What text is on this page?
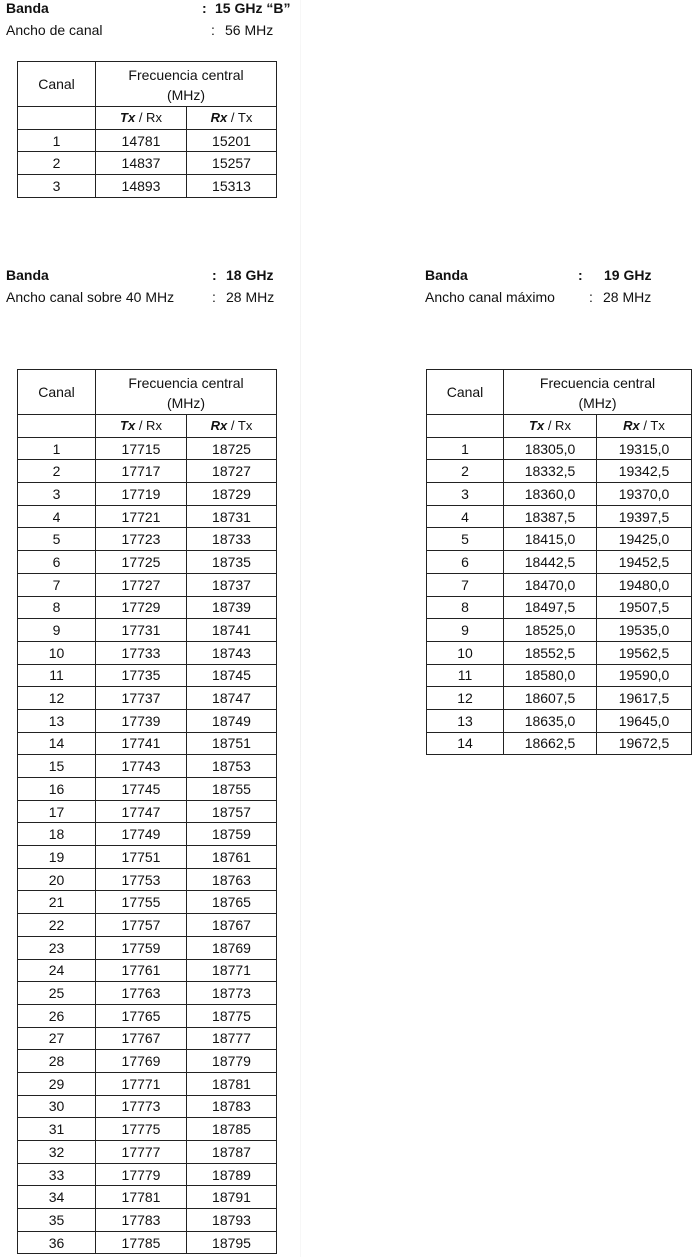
Banda	: 15 GHz “B”
Ancho de canal	: 56 MHz
Banda	: 18 GHz
Ancho canal sobre 40 MHz	: 28 MHz
Banda	: 19 GHz
Ancho canal máximo : 28 MHz
Canal	Frecuencia central	
	(MHz)	
	Tx / Rx	Rx / Tx
1	14781	15201
2	14837	15257
3	14893	15313
Canal	Frecuencia central	
	(MHz)	
	Tx / Rx	Rx / Tx
1	17715	18725
2	17717	18727
3	17719	18729
4	17721	18731
5	17723	18733
6	17725	18735
7	17727	18737
8	17729	18739
9	17731	18741
10	17733	18743
11	17735	18745
12	17737	18747
13	17739	18749
14	17741	18751
15	17743	18753
16	17745	18755
17	17747	18757
18	17749	18759
19	17751	18761
20	17753	18763
21	17755	18765
22	17757	18767
23	17759	18769
24	17761	18771
25	17763	18773
26	17765	18775
27	17767	18777
28	17769	18779
29	17771	18781
30	17773	18783
31	17775	18785
32	17777	18787
33	17779	18789
34	17781	18791
35	17783	18793
36	17785	18795
Canal	Frecuencia central	
	(MHz)	
	Tx / Rx	Rx / Tx
1	18305,0	19315,0
2	18332,5	19342,5
3	18360,0	19370,0
4	18387,5	19397,5
5	18415,0	19425,0
6	18442,5	19452,5
7	18470,0	19480,0
8	18497,5	19507,5
9	18525,0	19535,0
10	18552,5	19562,5
11	18580,0	19590,0
12	18607,5	19617,5
13	18635,0	19645,0
14	18662,5	19672,5
